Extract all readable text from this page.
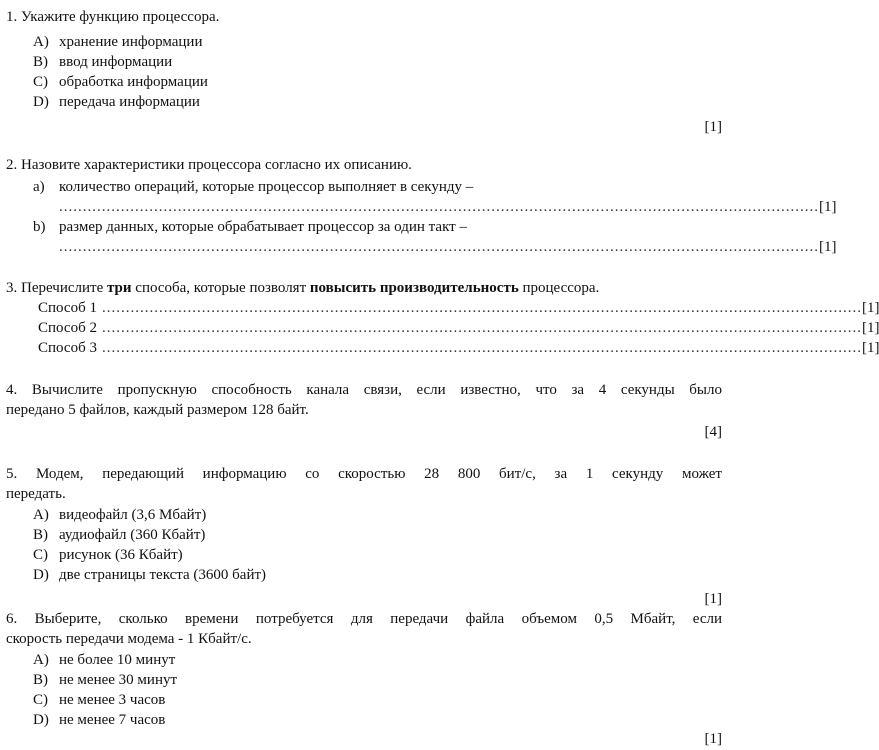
1. Укажите функцию процессора.
A) хранение информации
B) ввод информации
C) обработка информации
D) передача информации
[1]
2. Назовите характеристики процессора согласно их описанию.
a) количество операций, которые процессор выполняет в секунду –
................................................................................................................................................................ [1]
b) размер данных, которые обрабатывает процессор за один такт –
................................................................................................................................................................ [1]
3. Перечислите три способа, которые позволят повысить производительность процессора.
Способ 1 ................................................................................................................................................................ [1]
Способ 2 ................................................................................................................................................................ [1]
Способ 3 ................................................................................................................................................................ [1]
4. Вычислите пропускную способность канала связи, если известно, что за 4 секунды было
передано 5 файлов, каждый размером 128 байт.
[4]
5. Модем, передающий информацию со скоростью 28 800 бит/с, за 1 секунду может
передать.
A) видеофайл (3,6 Мбайт)
B) аудиофайл (360 Кбайт)
C) рисунок (36 Кбайт)
D) две страницы текста (3600 байт)
[1]
6. Выберите, сколько времени потребуется для передачи файла объемом 0,5 Мбайт, если
скорость передачи модема - 1 Кбайт/с.
A) не более 10 минут
B) не менее 30 минут
C) не менее 3 часов
D) не менее 7 часов
[1]
